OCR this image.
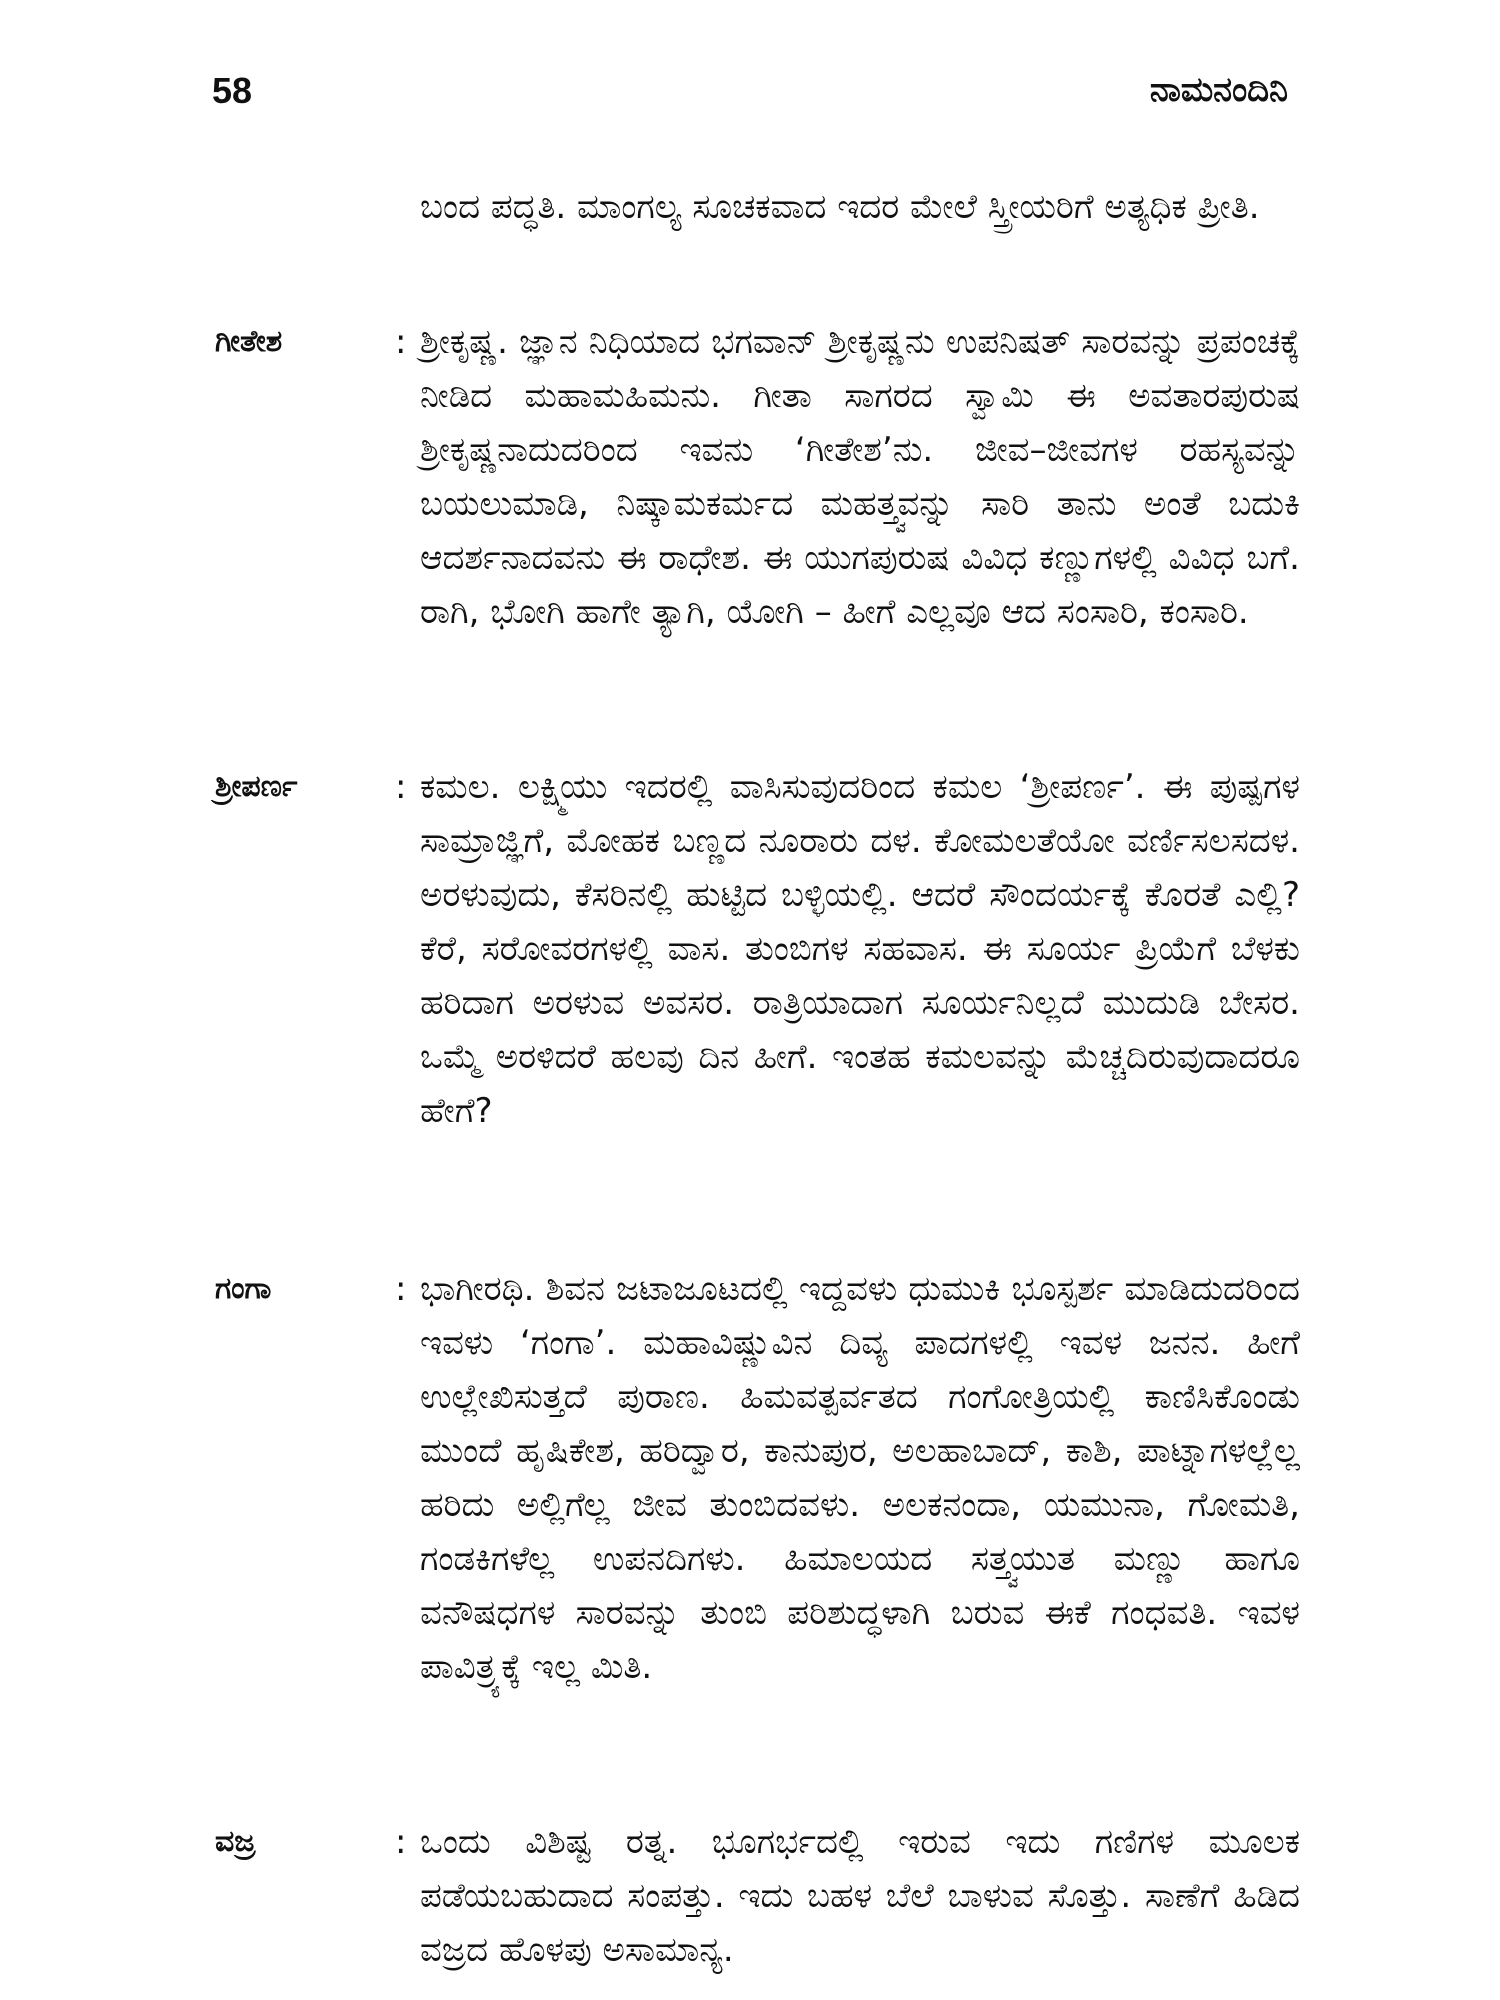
58	ನಾಮನಂದಿನಿ
ಬಂದ ಪದ್ಧತಿ. ಮಾಂಗಲ್ಯ ಸೂಚಕವಾದ ಇದರ ಮೇಲೆ ಸ್ತ್ರೀಯರಿಗೆ ಅತ್ಯಧಿಕ ಪ್ರೀತಿ.
ಗೀತೇಶ	: ಶ್ರೀಕೃಷ್ಣ. ಜ್ಞಾನ ನಿಧಿಯಾದ ಭಗವಾನ್ ಶ್ರೀಕೃಷ್ಣನು ಉಪನಿಷತ್ ಸಾರವನ್ನು ಪ್ರಪಂಚಕ್ಕೆ ನೀಡಿದ ಮಹಾಮಹಿಮನು. ಗೀತಾ ಸಾಗರದ ಸ್ವಾಮಿ ಈ ಅವತಾರಪುರುಷ ಶ್ರೀಕೃಷ್ಣನಾದುದರಿಂದ ಇವನು ‘ಗೀತೇಶ’ನು. ಜೀವ–ಜೀವಗಳ ರಹಸ್ಯವನ್ನು ಬಯಲುಮಾಡಿ, ನಿಷ್ಕಾಮಕರ್ಮದ ಮಹತ್ತ್ವವನ್ನು ಸಾರಿ ತಾನು ಅಂತೆ ಬದುಕಿ ಆದರ್ಶನಾದವನು ಈ ರಾಧೇಶ. ಈ ಯುಗಪುರುಷ ವಿವಿಧ ಕಣ್ಣುಗಳಲ್ಲಿ ವಿವಿಧ ಬಗೆ. ರಾಗಿ, ಭೋಗಿ ಹಾಗೇ ತ್ಯಾಗಿ, ಯೋಗಿ – ಹೀಗೆ ಎಲ್ಲವೂ ಆದ ಸಂಸಾರಿ, ಕಂಸಾರಿ.
ಶ್ರೀಪರ್ಣ	: ಕಮಲ. ಲಕ್ಷ್ಮಿಯು ಇದರಲ್ಲಿ ವಾಸಿಸುವುದರಿಂದ ಕಮಲ ‘ಶ್ರೀಪರ್ಣ’. ಈ ಪುಷ್ಪಗಳ ಸಾಮ್ರಾಜ್ಞಿಗೆ, ಮೋಹಕ ಬಣ್ಣದ ನೂರಾರು ದಳ. ಕೋಮಲತೆಯೋ ವರ್ಣಿಸಲಸದಳ. ಅರಳುವುದು, ಕೆಸರಿನಲ್ಲಿ ಹುಟ್ಟಿದ ಬಳ್ಳಿಯಲ್ಲಿ. ಆದರೆ ಸೌಂದರ್ಯಕ್ಕೆ ಕೊರತೆ ಎಲ್ಲಿ? ಕೆರೆ, ಸರೋವರಗಳಲ್ಲಿ ವಾಸ. ತುಂಬಿಗಳ ಸಹವಾಸ. ಈ ಸೂರ್ಯ ಪ್ರಿಯೆಗೆ ಬೆಳಕು ಹರಿದಾಗ ಅರಳುವ ಅವಸರ. ರಾತ್ರಿಯಾದಾಗ ಸೂರ್ಯನಿಲ್ಲದೆ ಮುದುಡಿ ಬೇಸರ. ಒಮ್ಮೆ ಅರಳಿದರೆ ಹಲವು ದಿನ ಹೀಗೆ. ಇಂತಹ ಕಮಲವನ್ನು ಮೆಚ್ಚದಿರುವುದಾದರೂ ಹೇಗೆ?
ಗಂಗಾ	: ಭಾಗೀರಥಿ. ಶಿವನ ಜಟಾಜೂಟದಲ್ಲಿ ಇದ್ದವಳು ಧುಮುಕಿ ಭೂಸ್ಪರ್ಶ ಮಾಡಿದುದರಿಂದ ಇವಳು ‘ಗಂಗಾ’. ಮಹಾವಿಷ್ಣುವಿನ ದಿವ್ಯ ಪಾದಗಳಲ್ಲಿ ಇವಳ ಜನನ. ಹೀಗೆ ಉಲ್ಲೇಖಿಸುತ್ತದೆ ಪುರಾಣ. ಹಿಮವತ್ಪರ್ವತದ ಗಂಗೋತ್ರಿಯಲ್ಲಿ ಕಾಣಿಸಿಕೊಂಡು ಮುಂದೆ ಹೃಷಿಕೇಶ, ಹರಿದ್ವಾರ, ಕಾನುಪುರ, ಅಲಹಾಬಾದ್, ಕಾಶಿ, ಪಾಟ್ನಾಗಳಲ್ಲೆಲ್ಲ ಹರಿದು ಅಲ್ಲಿಗೆಲ್ಲ ಜೀವ ತುಂಬಿದವಳು. ಅಲಕನಂದಾ, ಯಮುನಾ, ಗೋಮತಿ, ಗಂಡಕಿಗಳೆಲ್ಲ ಉಪನದಿಗಳು. ಹಿಮಾಲಯದ ಸತ್ತ್ವಯುತ ಮಣ್ಣು ಹಾಗೂ ವನೌಷಧಗಳ ಸಾರವನ್ನು ತುಂಬಿ ಪರಿಶುದ್ಧಳಾಗಿ ಬರುವ ಈಕೆ ಗಂಧವತಿ. ಇವಳ ಪಾವಿತ್ರ್ಯಕ್ಕೆ ಇಲ್ಲ ಮಿತಿ.
ವಜ್ರ	: ಒಂದು ವಿಶಿಷ್ಟ ರತ್ನ. ಭೂಗರ್ಭದಲ್ಲಿ ಇರುವ ಇದು ಗಣಿಗಳ ಮೂಲಕ ಪಡೆಯಬಹುದಾದ ಸಂಪತ್ತು. ಇದು ಬಹಳ ಬೆಲೆ ಬಾಳುವ ಸೊತ್ತು. ಸಾಣೆಗೆ ಹಿಡಿದ ವಜ್ರದ ಹೊಳಪು ಅಸಾಮಾನ್ಯ.
